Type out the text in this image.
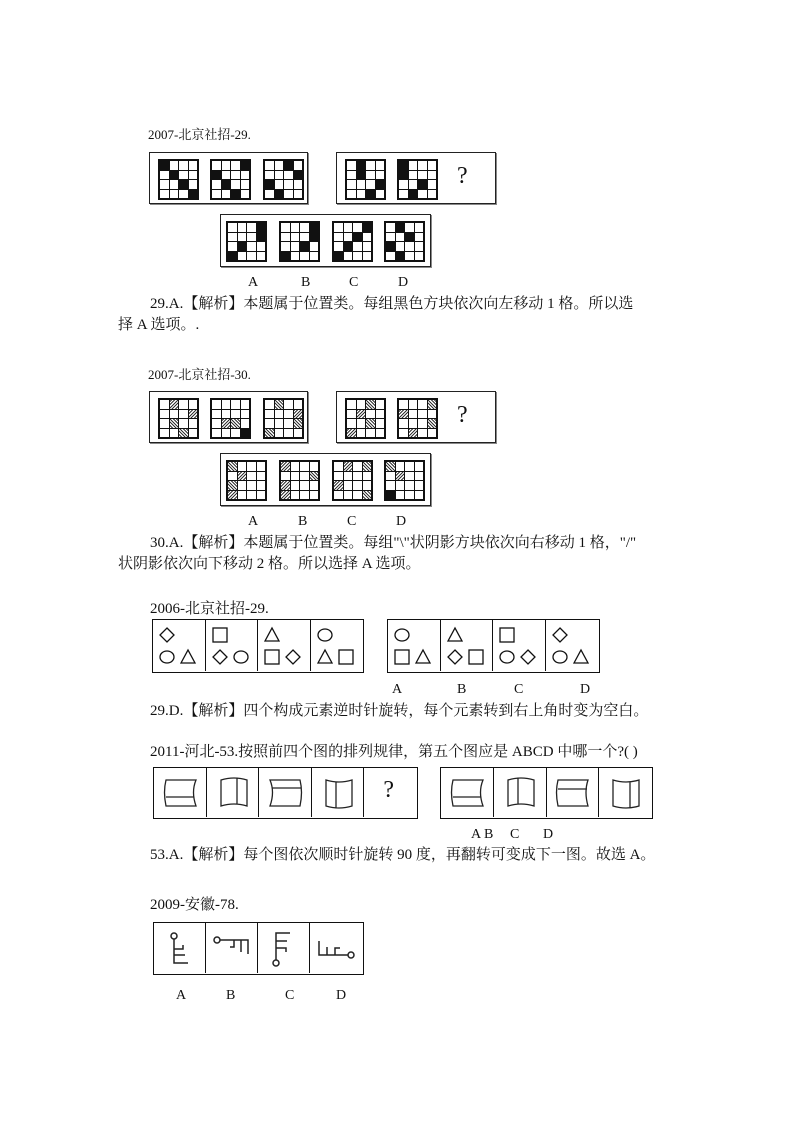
2007-北京社招-29.
?
A	B	C	D
29.A.【解析】本题属于位置类。每组黑色方块依次向左移动 1 格。所以选
择 A 选项。.
2007-北京社招-30.
?
A	B	C	D
30.A.【解析】本题属于位置类。每组"\"状阴影方块依次向右移动 1 格，"/"
状阴影依次向下移动 2 格。所以选择 A 选项。
2006-北京社招-29.
A	B	C	D
29.D.【解析】四个构成元素逆时针旋转，每个元素转到右上角时变为空白。
2011-河北-53.按照前四个图的排列规律，第五个图应是 ABCD 中哪一个?( )
?
A B C D
53.A.【解析】每个图依次顺时针旋转 90 度，再翻转可变成下一图。故选 A。
2009-安徽-78.
A	B	C	D
